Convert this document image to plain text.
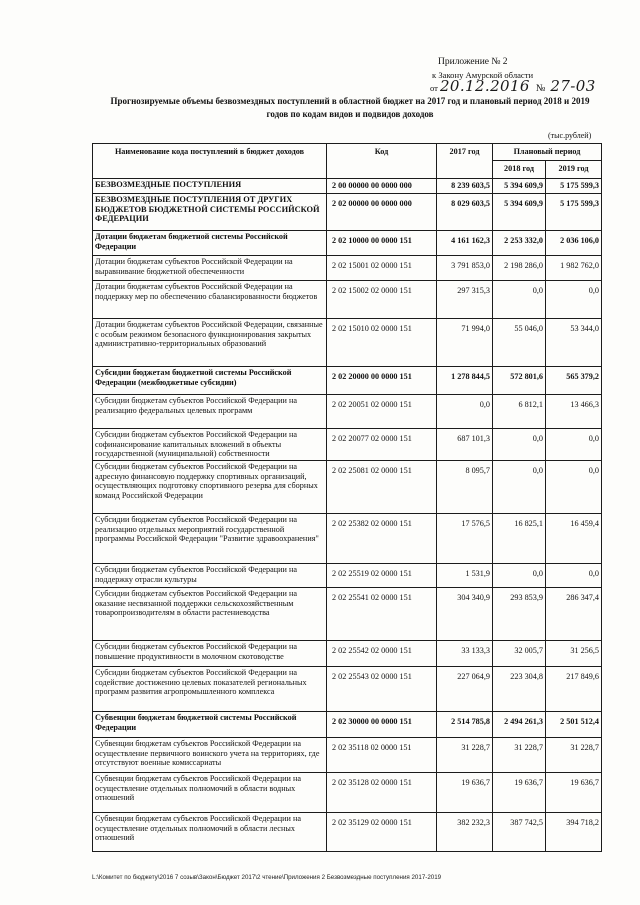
Приложение № 2
к Закону Амурской области
от 20.12.2016 № 27-03
Прогнозируемые объемы безвозмездных поступлений в областной бюджет на 2017 год и плановый период 2018 и 2019
годов по кодам видов и подвидов доходов
(тыс.рублей)
Наименование кода поступлений в бюджет доходов	Код	2017 год	Плановый период	
			2018 год	2019 год
БЕЗВОЗМЕЗДНЫЕ ПОСТУПЛЕНИЯ	2 00 00000 00 0000 000	8 239 603,5	5 394 609,9	5 175 599,3
БЕЗВОЗМЕЗДНЫЕ ПОСТУПЛЕНИЯ ОТ ДРУГИХ БЮДЖЕТОВ БЮДЖЕТНОЙ СИСТЕМЫ РОССИЙСКОЙ ФЕДЕРАЦИИ	2 02 00000 00 0000 000	8 029 603,5	5 394 609,9	5 175 599,3
Дотации бюджетам бюджетной системы Российской Федерации	2 02 10000 00 0000 151	4 161 162,3	2 253 332,0	2 036 106,0
Дотации бюджетам субъектов Российской Федерации на выравнивание бюджетной обеспеченности	2 02 15001 02 0000 151	3 791 853,0	2 198 286,0	1 982 762,0
Дотации бюджетам субъектов Российской Федерации на поддержку мер по обеспечению сбалансированности бюджетов	2 02 15002 02 0000 151	297 315,3	0,0	0,0
Дотации бюджетам субъектов Российской Федерации, связанные с особым режимом безопасного функционирования закрытых административно-территориальных образований	2 02 15010 02 0000 151	71 994,0	55 046,0	53 344,0
Субсидии бюджетам бюджетной системы Российской Федерации (межбюджетные субсидии)	2 02 20000 00 0000 151	1 278 844,5	572 801,6	565 379,2
Субсидии бюджетам субъектов Российской Федерации на реализацию федеральных целевых программ	2 02 20051 02 0000 151	0,0	6 812,1	13 466,3
Субсидии бюджетам субъектов Российской Федерации на софинансирование капитальных вложений в объекты государственной (муниципальной) собственности	2 02 20077 02 0000 151	687 101,3	0,0	0,0
Субсидии бюджетам субъектов Российской Федерации на адресную финансовую поддержку спортивных организаций, осуществляющих подготовку спортивного резерва для сборных команд Российской Федерации	2 02 25081 02 0000 151	8 095,7	0,0	0,0
Субсидии бюджетам субъектов Российской Федерации на реализацию отдельных мероприятий государственной программы Российской Федерации "Развитие здравоохранения"	2 02 25382 02 0000 151	17 576,5	16 825,1	16 459,4
Субсидии бюджетам субъектов Российской Федерации на поддержку отрасли культуры	2 02 25519 02 0000 151	1 531,9	0,0	0,0
Субсидии бюджетам субъектов Российской Федерации на оказание несвязанной поддержки сельскохозяйственным товаропроизводителям в области растениеводства	2 02 25541 02 0000 151	304 340,9	293 853,9	286 347,4
Субсидии бюджетам субъектов Российской Федерации на повышение продуктивности в молочном скотоводстве	2 02 25542 02 0000 151	33 133,3	32 005,7	31 256,5
Субсидии бюджетам субъектов Российской Федерации на содействие достижению целевых показателей региональных программ развития агропромышленного комплекса	2 02 25543 02 0000 151	227 064,9	223 304,8	217 849,6
Субвенции бюджетам бюджетной системы Российской Федерации	2 02 30000 00 0000 151	2 514 785,8	2 494 261,3	2 501 512,4
Субвенции бюджетам субъектов Российской Федерации на осуществление первичного воинского учета на территориях, где отсутствуют военные комиссариаты	2 02 35118 02 0000 151	31 228,7	31 228,7	31 228,7
Субвенции бюджетам субъектов Российской Федерации на осуществление отдельных полномочий в области водных отношений	2 02 35128 02 0000 151	19 636,7	19 636,7	19 636,7
Субвенции бюджетам субъектов Российской Федерации на осуществление отдельных полномочий в области лесных отношений	2 02 35129 02 0000 151	382 232,3	387 742,5	394 718,2
L:\Комитет по бюджету\2016 7 созыв\Закон\Бюджет 2017\2 чтение\Приложения 2 Безвозмездные поступления 2017-2019
